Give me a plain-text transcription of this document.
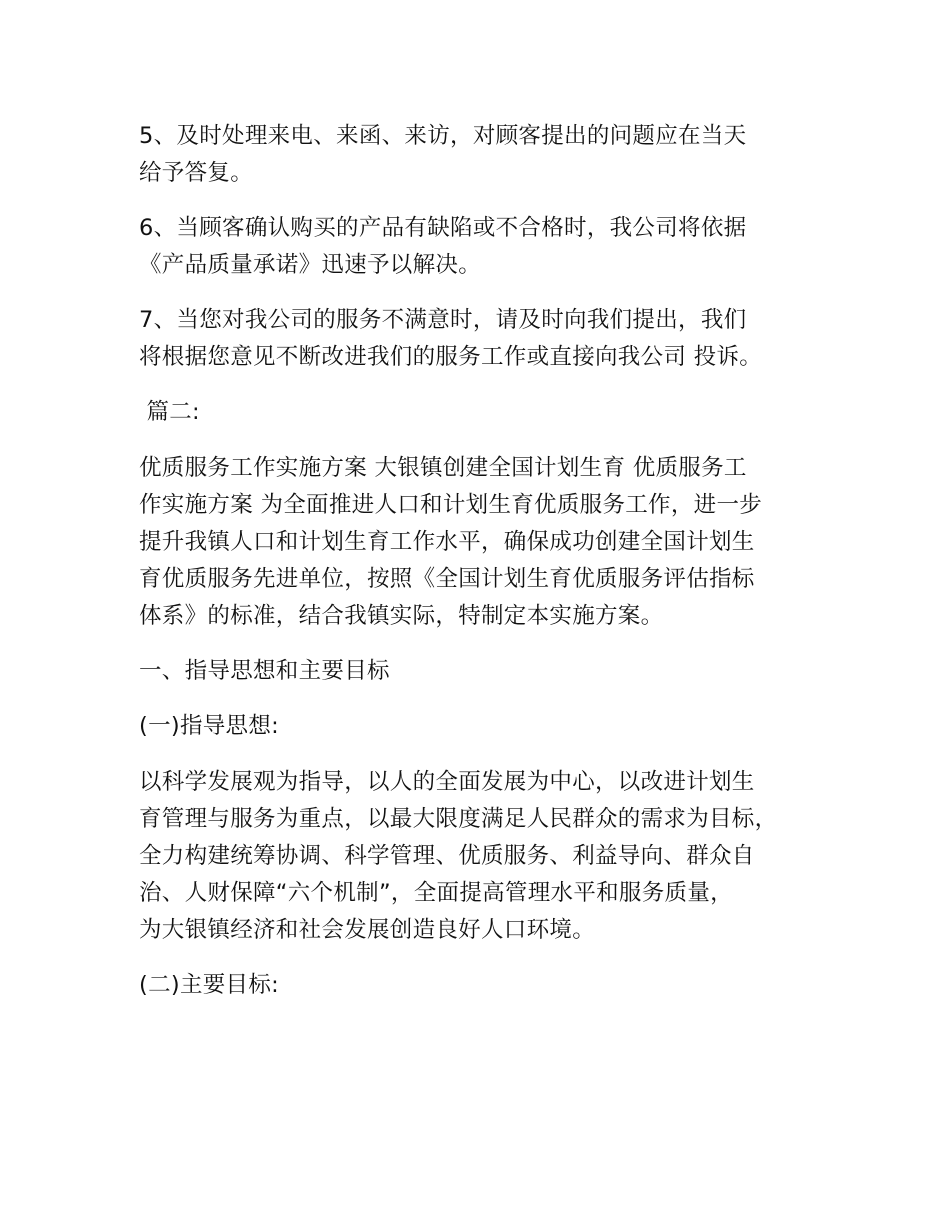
5、及时处理来电、来函、来访，对顾客提出的问题应在当天
给予答复。
6、当顾客确认购买的产品有缺陷或不合格时，我公司将依据
《产品质量承诺》迅速予以解决。
7、当您对我公司的服务不满意时，请及时向我们提出，我们
将根据您意见不断改进我们的服务工作或直接向我公司 投诉。
篇二:
优质服务工作实施方案 大银镇创建全国计划生育 优质服务工
作实施方案 为全面推进人口和计划生育优质服务工作，进一步
提升我镇人口和计划生育工作水平，确保成功创建全国计划生
育优质服务先进单位，按照《全国计划生育优质服务评估指标
体系》的标准，结合我镇实际，特制定本实施方案。
一、指导思想和主要目标
(一)指导思想:
以科学发展观为指导，以人的全面发展为中心，以改进计划生
育管理与服务为重点，以最大限度满足人民群众的需求为目标，
全力构建统筹协调、科学管理、优质服务、利益导向、群众自
治、人财保障“六个机制”，全面提高管理水平和服务质量，
为大银镇经济和社会发展创造良好人口环境。
(二)主要目标:
